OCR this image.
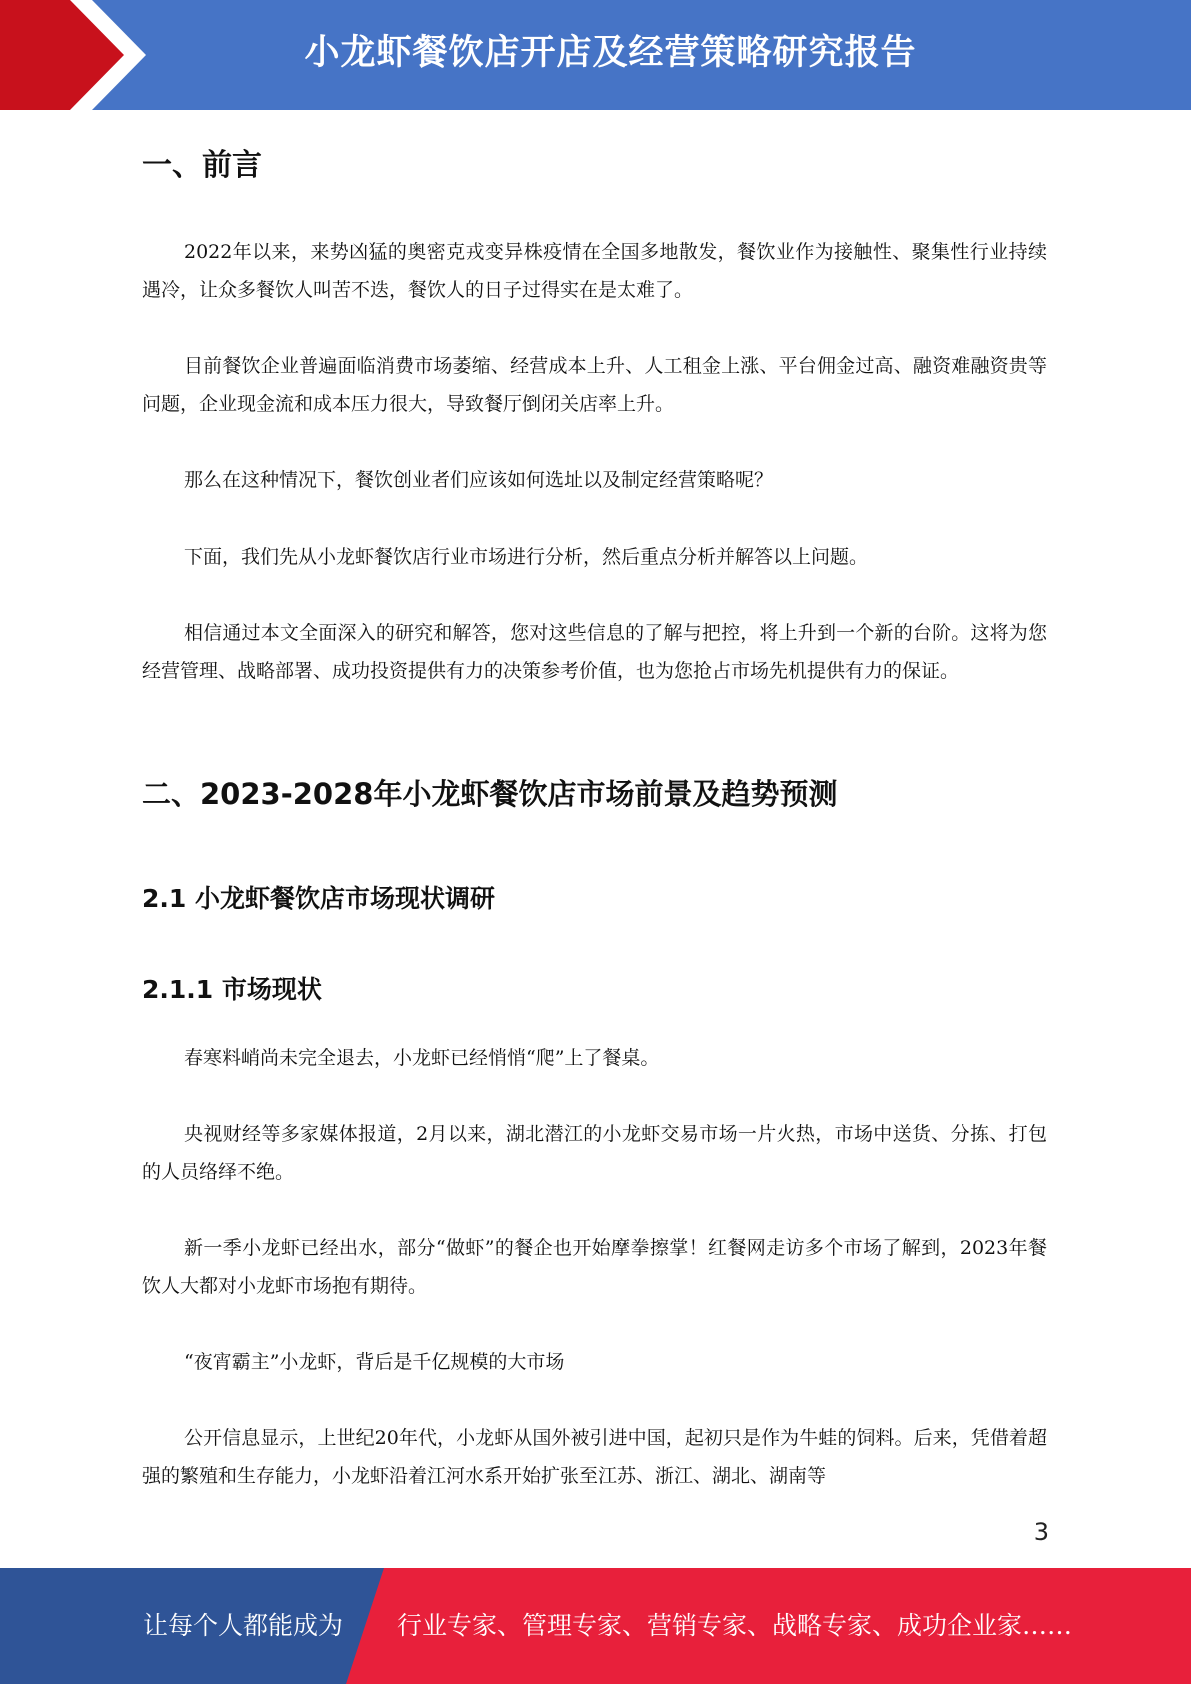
小龙虾餐饮店开店及经营策略研究报告
一、前言

2022年以来，来势凶猛的奥密克戎变异株疫情在全国多地散发，餐饮业作为接触性、聚集性行业持续遇冷，让众多餐饮人叫苦不迭，餐饮人的日子过得实在是太难了。

目前餐饮企业普遍面临消费市场萎缩、经营成本上升、人工租金上涨、平台佣金过高、融资难融资贵等问题，企业现金流和成本压力很大，导致餐厅倒闭关店率上升。

那么在这种情况下，餐饮创业者们应该如何选址以及制定经营策略呢？

下面，我们先从小龙虾餐饮店行业市场进行分析，然后重点分析并解答以上问题。

相信通过本文全面深入的研究和解答，您对这些信息的了解与把控，将上升到一个新的台阶。这将为您经营管理、战略部署、成功投资提供有力的决策参考价值，也为您抢占市场先机提供有力的保证。

二、2023-2028年小龙虾餐饮店市场前景及趋势预测
2.1 小龙虾餐饮店市场现状调研
2.1.1 市场现状

春寒料峭尚未完全退去，小龙虾已经悄悄“爬”上了餐桌。

央视财经等多家媒体报道，2月以来，湖北潜江的小龙虾交易市场一片火热，市场中送货、分拣、打包的人员络绎不绝。

新一季小龙虾已经出水，部分“做虾”的餐企也开始摩拳擦掌！红餐网走访多个市场了解到，2023年餐饮人大都对小龙虾市场抱有期待。

“夜宵霸主”小龙虾，背后是千亿规模的大市场

公开信息显示，上世纪20年代，小龙虾从国外被引进中国，起初只是作为牛蛙的饲料。后来，凭借着超强的繁殖和生存能力，小龙虾沿着江河水系开始扩张至江苏、浙江、湖北、湖南等

3
让每个人都能成为 行业专家、管理专家、营销专家、战略专家、成功企业家……
